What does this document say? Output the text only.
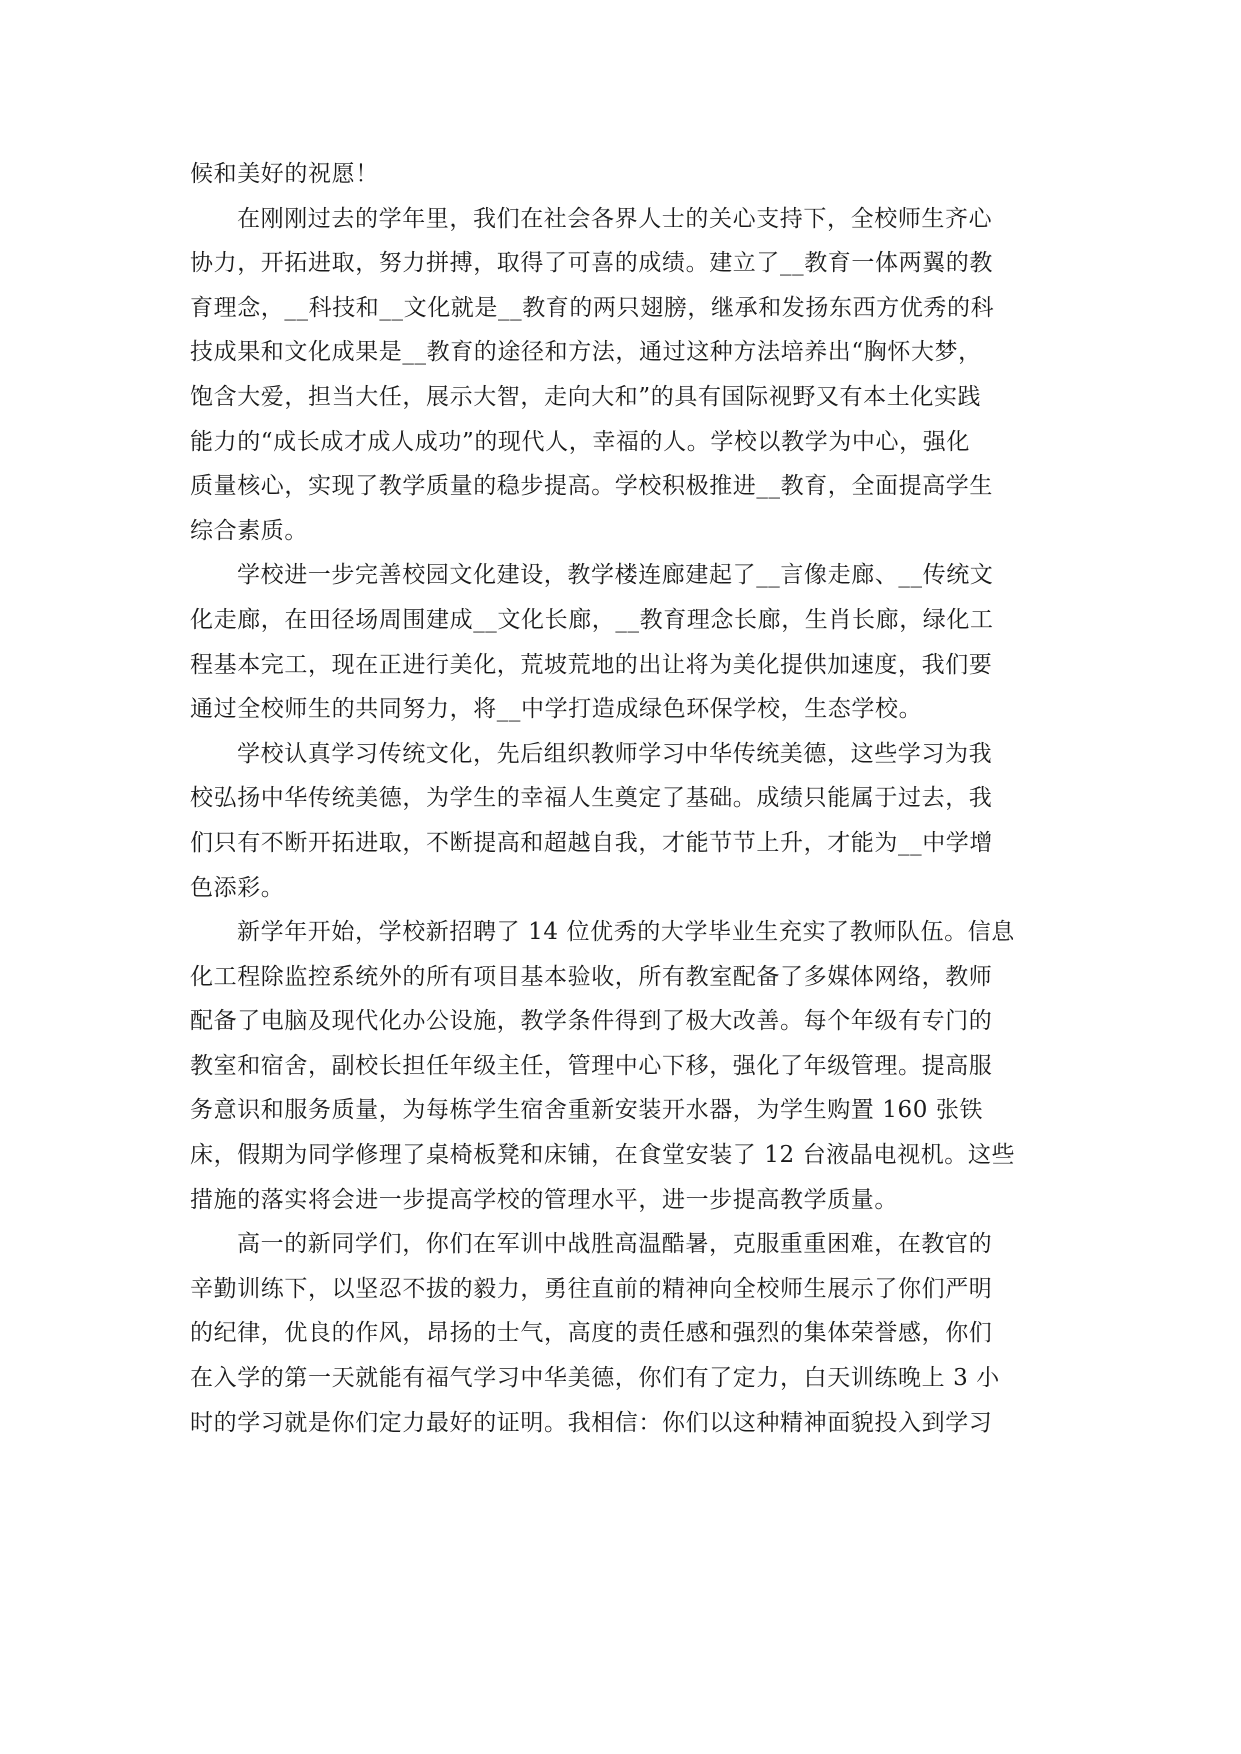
候和美好的祝愿！
在刚刚过去的学年里，我们在社会各界人士的关心支持下，全校师生齐心
协力，开拓进取，努力拼搏，取得了可喜的成绩。建立了__教育一体两翼的教
育理念，__科技和__文化就是__教育的两只翅膀，继承和发扬东西方优秀的科
技成果和文化成果是__教育的途径和方法，通过这种方法培养出“胸怀大梦，
饱含大爱，担当大任，展示大智，走向大和”的具有国际视野又有本土化实践
能力的“成长成才成人成功”的现代人，幸福的人。学校以教学为中心，强化
质量核心，实现了教学质量的稳步提高。学校积极推进__教育，全面提高学生
综合素质。
学校进一步完善校园文化建设，教学楼连廊建起了__言像走廊、__传统文
化走廊，在田径场周围建成__文化长廊，__教育理念长廊，生肖长廊，绿化工
程基本完工，现在正进行美化，荒坡荒地的出让将为美化提供加速度，我们要
通过全校师生的共同努力，将__中学打造成绿色环保学校，生态学校。
学校认真学习传统文化，先后组织教师学习中华传统美德，这些学习为我
校弘扬中华传统美德，为学生的幸福人生奠定了基础。成绩只能属于过去，我
们只有不断开拓进取，不断提高和超越自我，才能节节上升，才能为__中学增
色添彩。
新学年开始，学校新招聘了 14 位优秀的大学毕业生充实了教师队伍。信息
化工程除监控系统外的所有项目基本验收，所有教室配备了多媒体网络，教师
配备了电脑及现代化办公设施，教学条件得到了极大改善。每个年级有专门的
教室和宿舍，副校长担任年级主任，管理中心下移，强化了年级管理。提高服
务意识和服务质量，为每栋学生宿舍重新安装开水器，为学生购置 160 张铁
床，假期为同学修理了桌椅板凳和床铺，在食堂安装了 12 台液晶电视机。这些
措施的落实将会进一步提高学校的管理水平，进一步提高教学质量。
高一的新同学们，你们在军训中战胜高温酷暑，克服重重困难，在教官的
辛勤训练下，以坚忍不拔的毅力，勇往直前的精神向全校师生展示了你们严明
的纪律，优良的作风，昂扬的士气，高度的责任感和强烈的集体荣誉感，你们
在入学的第一天就能有福气学习中华美德，你们有了定力，白天训练晚上 3 小
时的学习就是你们定力最好的证明。我相信：你们以这种精神面貌投入到学习
